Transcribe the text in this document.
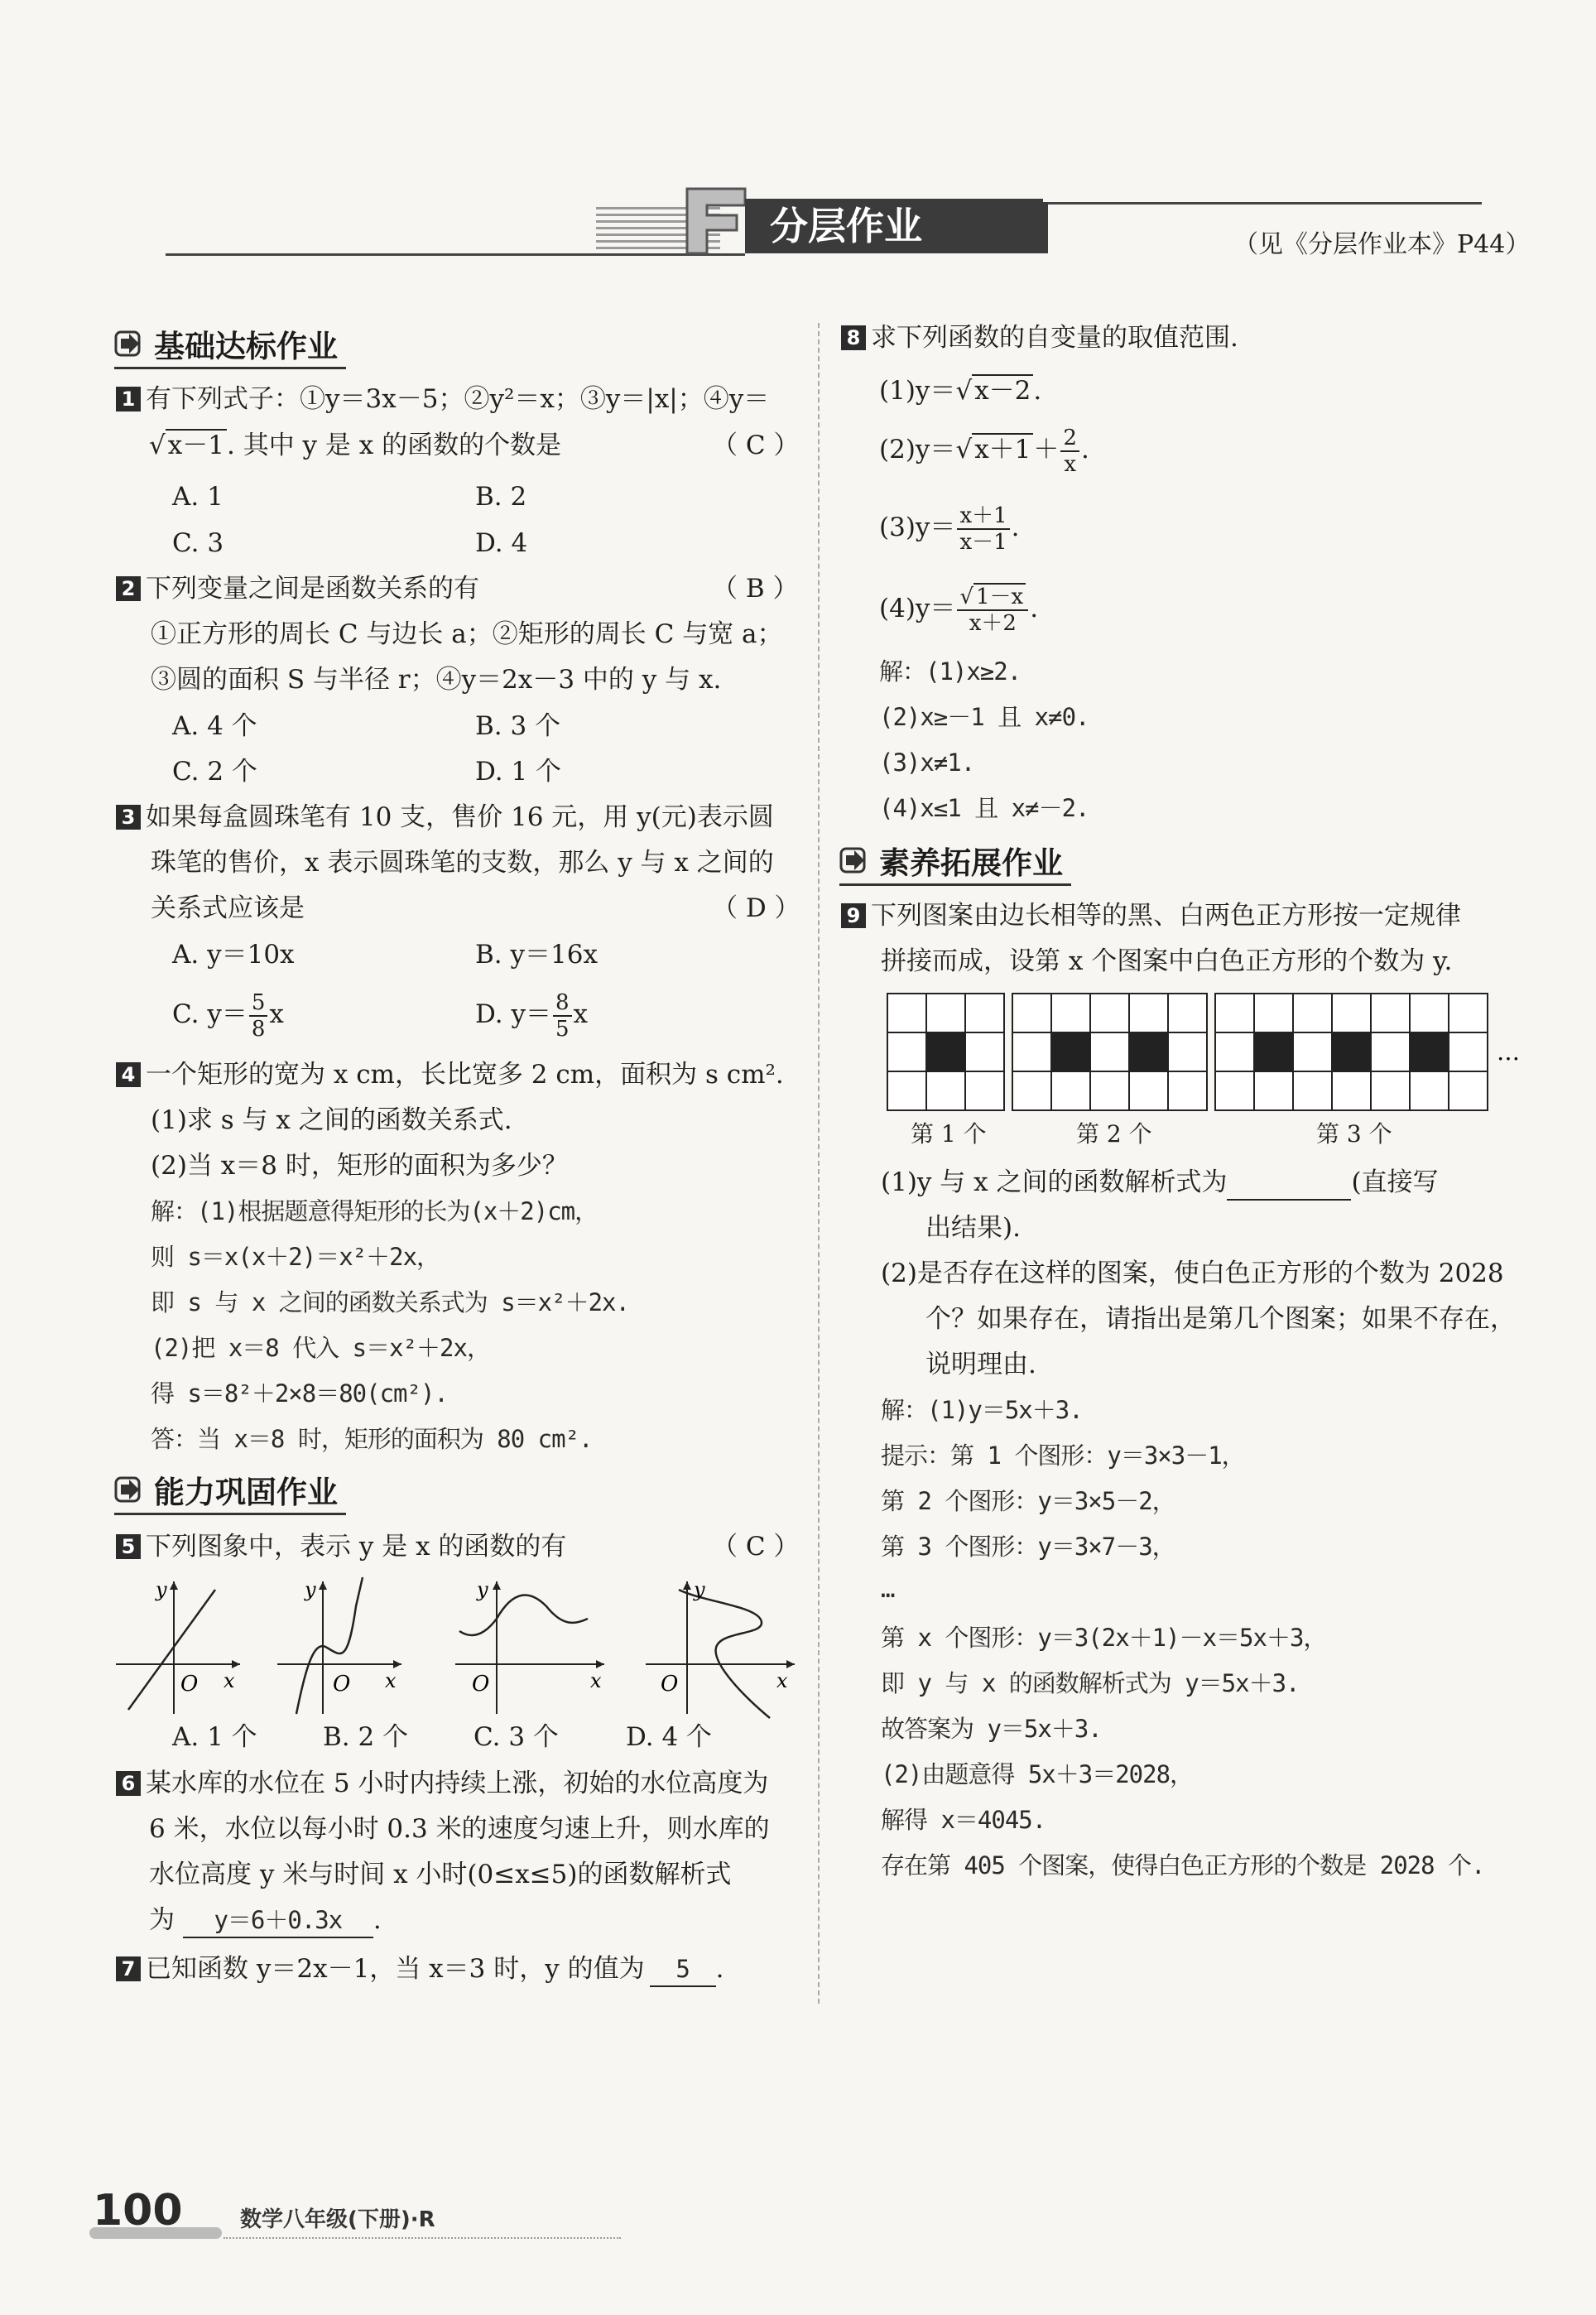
分层作业	（见《分层作业本》P44）
基础达标作业
1 有下列式子：①y＝3x－5；②y²＝x；③y＝|x|；④y＝
√x－1. 其中 y 是 x 的函数的个数是	（ C ）
A. 1	B. 2
C. 3	D. 4
2 下列变量之间是函数关系的有	（ B ）
①正方形的周长 C 与边长 a；②矩形的周长 C 与宽 a；
③圆的面积 S 与半径 r；④y＝2x－3 中的 y 与 x.
A. 4 个	B. 3 个
C. 2 个	D. 1 个
3 如果每盒圆珠笔有 10 支，售价 16 元，用 y(元)表示圆
珠笔的售价，x 表示圆珠笔的支数，那么 y 与 x 之间的
关系式应该是	（ D ）
A. y＝10x	B. y＝16x
C. $y= \frac{5}{8}$ x	D. $y= \frac{8}{5}$ x
4 一个矩形的宽为 x cm，长比宽多 2 cm，面积为 s cm².
(1)求 s 与 x 之间的函数关系式.
(2)当 x＝8 时，矩形的面积为多少？
解：(1)根据题意得矩形的长为(x＋2)cm，
则 s＝x(x＋2)＝x²＋2x，
即 s 与 x 之间的函数关系式为 s＝x²＋2x.
(2)把 x＝8 代入 s＝x²＋2x，
得 s＝8²＋2×8＝80(cm²).
答：当 x＝8 时，矩形的面积为 80 cm².
能力巩固作业
5 下列图象中，表示 y 是 x 的函数的有	（ C ）
O x
y
O x
y
O	x
y
O	x
y
A. 1 个	B. 2 个	C. 3 个	D. 4 个
6 某水库的水位在 5 小时内持续上涨，初始的水位高度为
6 米，水位以每小时 0.3 米的速度匀速上升，则水库的
水位高度 y 米与时间 x 小时(0≤x≤5)的函数解析式
为 y＝6＋0.3x .
7 已知函数 y＝2x－1，当 x＝3 时，y 的值为 5 .
8 求下列函数的自变量的取值范围.
(1)y＝√x－2.
$(2)y=√x+1+ \frac{2}{x}$ .
$(3)y= \frac{x+1}{x-1}$ .
$(4)y= \frac{√ 1-x}{x+2}$ .
解：(1)x≥2.
(2)x≥－1 且 x≠0.
(3)x≠1.
(4)x≤1 且 x≠－2.
素养拓展作业
9 下列图案由边长相等的黑、白两色正方形按一定规律
拼接而成，设第 x 个图案中白色正方形的个数为 y.
…
第 1 个	第 2 个	第 3 个
(1)y 与 x 之间的函数解析式为	(直接写
出结果).
(2)是否存在这样的图案，使白色正方形的个数为 2028
个？如果存在，请指出是第几个图案；如果不存在，
说明理由.
解：(1)y＝5x＋3.
提示：第 1 个图形：y＝3×3－1，
第 2 个图形：y＝3×5－2，
第 3 个图形：y＝3×7－3，
…
第 x 个图形：y＝3(2x＋1)－x＝5x＋3，
即 y 与 x 的函数解析式为 y＝5x＋3.
故答案为 y＝5x＋3.
(2)由题意得 5x＋3＝2028，
解得 x＝4045.
存在第 405 个图案，使得白色正方形的个数是 2028 个.
100	数学八年级(下册)·R
